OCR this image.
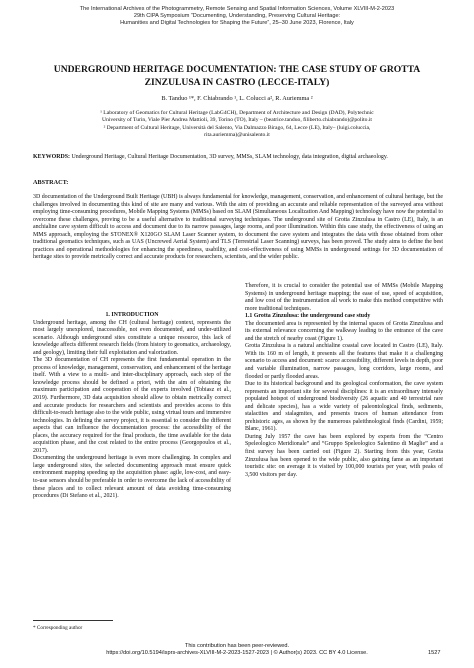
The International Archives of the Photogrammetry, Remote Sensing and Spatial Information Sciences, Volume XLVIII-M-2-2023
29th CIPA Symposium “Documenting, Understanding, Preserving Cultural Heritage:
Humanities and Digital Technologies for Shaping the Future”, 25–30 June 2023, Florence, Italy
UNDERGROUND HERITAGE DOCUMENTATION: THE CASE STUDY OF GROTTA
ZINZULUSA IN CASTRO (LECCE-ITALY)
B. Tanduo ¹*, F. Chiabrando ¹, L. Colucci a², R. Auriemma ²
¹ Laboratory of Geomatics for Cultural Heritage (LabG4CH), Department of Architecture and Design (DAD), Polytechnic
University of Turin, Viale Pier Andrea Mattioli, 39, Torino (TO), Italy – (beatrice.tanduo, filiberto.chiabrando)@polito.it
² Department of Cultural Heritage, Università del Salento, Via Dalmazzo Birago, 64, Lecce (LE), Italy– (luigi.coluccia,
rita.auriemma)@unisalento.it
KEYWORDS: Underground Heritage, Cultural Heritage Documentation, 3D survey, MMSs, SLAM technology, data integration, digital archaeology.
ABSTRACT:
3D documentation of the Underground Built Heritage (UBH) is always fundamental for knowledge, management, conservation, and enhancement of cultural heritage, but the challenges involved in documenting this kind of site are many and various. With the aim of providing an accurate and reliable representation of the surveyed area without employing time-consuming procedures, Mobile Mapping Systems (MMSs) based on SLAM (Simultaneous Localization And Mapping) technology have now the potential to overcome these challenges, proving to be a useful alternative to traditional surveying techniques. The underground site of Grotta Zinzulusa in Castro (LE), Italy, is an anchialine cave system difficult to access and document due to its narrow passages, large rooms, and poor illumination. Within this case study, the effectiveness of using an MMS approach, employing the STONEX® X120GO SLAM Laser Scanner system, to document the cave system and integrates the data with those obtained from other traditional geomatics techniques, such as UAS (Uncrewed Aerial System) and TLS (Terrestrial Laser Scanning) surveys, has been proved. The study aims to define the best practices and operational methodologies for enhancing the speediness, usability, and cost-effectiveness of using MMSs in underground settings for 3D documentation of heritage sites to provide metrically correct and accurate products for researchers, scientists, and the wider public.

1. INTRODUCTION

Underground heritage, among the CH (cultural heritage) context, represents the most largely unexplored, inaccessible, not even documented, and under-utilized scenario. Although underground sites constitute a unique resource, this lack of knowledge affects different research fields (from history to geomatics, archaeology, and geology), limiting their full exploitation and valorization.

The 3D documentation of CH represents the first fundamental operation in the process of knowledge, management, conservation, and enhancement of the heritage itself. With a view to a multi- and inter-disciplinary approach, each step of the knowledge process should be defined a priori, with the aim of obtaining the maximum participation and cooperation of the experts involved (Tobiasz et al., 2019). Furthermore, 3D data acquisition should allow to obtain metrically correct and accurate products for researchers and scientists and provides access to this difficult-to-reach heritage also to the wide public, using virtual tours and immersive technologies. In defining the survey project, it is essential to consider the different aspects that can influence the documentation process: the accessibility of the places, the accuracy required for the final products, the time available for the data acquisition phase, and the cost related to the entire process (Georgopoulos et al., 2017).

Documenting the underground heritage is even more challenging. In complex and large underground sites, the selected documenting approach must ensure quick environment mapping speeding up the acquisition phase: agile, low-cost, and easy-to-use sensors should be preferable in order to overcome the lack of accessibility of these places and to collect relevant amount of data avoiding time-consuming procedures (Di Stefano et al., 2021).

Therefore, it is crucial to consider the potential use of MMSs (Mobile Mapping Systems) in underground heritage mapping; the ease of use, speed of acquisition, and low cost of the instrumentation all work to make this method competitive with more traditional techniques.

1.1 Grotta Zinzulusa: the underground case study

The documented area is represented by the internal spaces of Grotta Zinzulusa and its external relevance concerning the walkway leading to the entrance of the cave and the stretch of nearby coast (Figure 1).

Grotta Zinzulusa is a natural anchialine coastal cave located in Castro (LE), Italy. With its 160 m of length, it presents all the features that make it a challenging scenario to access and document: scarce accessibility, different levels in depth, poor and variable illumination, narrow passages, long corridors, large rooms, and flooded or partly flooded areas.

Due to its historical background and its geological conformation, the cave system represents an important site for several disciplines: it is an extraordinary intensely populated hotspot of underground biodiversity (26 aquatic and 40 terrestrial rare and delicate species), has a wide variety of paleontological finds, sediments, stalactites and stalagmites, and presents traces of human attendance from prehistoric ages, as shown by the numerous paleithnological finds (Cardini, 1959; Blanc, 1961).

During July 1957 the cave has been explored by experts from the “Centro Speleologico Meridionale” and “Gruppo Speleologico Salentino di Maglie” and a first survey has been carried out (Figure 2). Starting from this year, Grotta Zinzulusa has been opened to the wide public, also gaining fame as an important touristic site: on average it is visited by 100,000 tourists per year, with peaks of 3,500 visitors per day.

* Corresponding author
This contribution has been peer-reviewed.
https://doi.org/10.5194/isprs-archives-XLVIII-M-2-2023-1527-2023 | © Author(s) 2023. CC BY 4.0 License.	1527
